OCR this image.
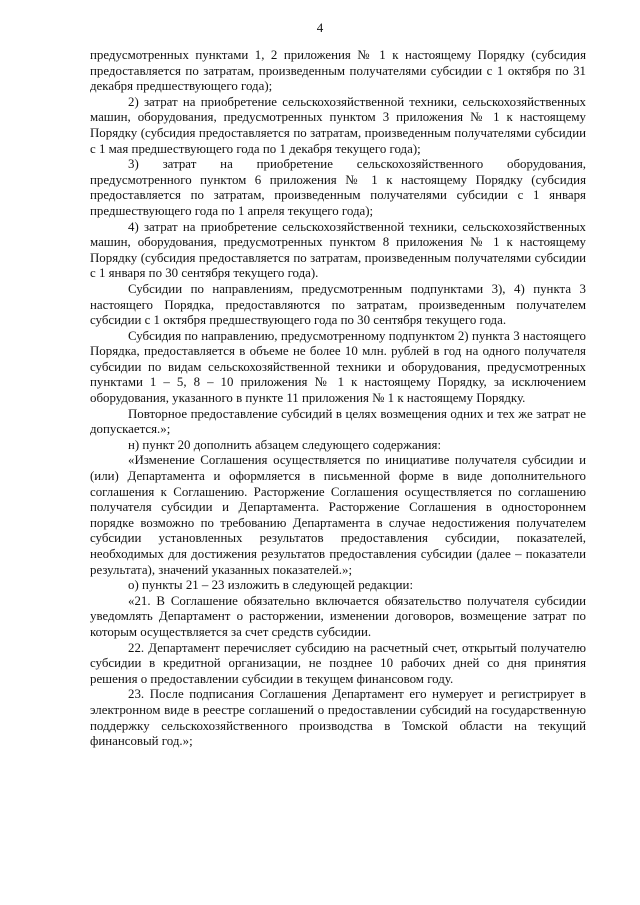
4

предусмотренных пунктами 1, 2 приложения № 1 к настоящему Порядку (субсидия предоставляется по затратам, произведенным получателями субсидии с 1 октября по 31 декабря предшествующего года);

2) затрат на приобретение сельскохозяйственной техники, сельскохозяйственных машин, оборудования, предусмотренных пунктом 3 приложения № 1 к настоящему Порядку (субсидия предоставляется по затратам, произведенным получателями субсидии с 1 мая предшествующего года по 1 декабря текущего года);

3) затрат на приобретение сельскохозяйственного оборудования, предусмотренного пунктом 6 приложения № 1 к настоящему Порядку (субсидия предоставляется по затратам, произведенным получателями субсидии с 1 января предшествующего года по 1 апреля текущего года);

4) затрат на приобретение сельскохозяйственной техники, сельскохозяйственных машин, оборудования, предусмотренных пунктом 8 приложения № 1 к настоящему Порядку (субсидия предоставляется по затратам, произведенным получателями субсидии с 1 января по 30 сентября текущего года).

Субсидии по направлениям, предусмотренным подпунктами 3), 4) пункта 3 настоящего Порядка, предоставляются по затратам, произведенным получателем субсидии с 1 октября предшествующего года по 30 сентября текущего года.

Субсидия по направлению, предусмотренному подпунктом 2) пункта 3 настоящего Порядка, предоставляется в объеме не более 10 млн. рублей в год на одного получателя субсидии по видам сельскохозяйственной техники и оборудования, предусмотренных пунктами 1 – 5, 8 – 10 приложения № 1 к настоящему Порядку, за исключением оборудования, указанного в пункте 11 приложения № 1 к настоящему Порядку.

Повторное предоставление субсидий в целях возмещения одних и тех же затрат не допускается.»;

н) пункт 20 дополнить абзацем следующего содержания:

«Изменение Соглашения осуществляется по инициативе получателя субсидии и (или) Департамента и оформляется в письменной форме в виде дополнительного соглашения к Соглашению. Расторжение Соглашения осуществляется по соглашению получателя субсидии и Департамента. Расторжение Соглашения в одностороннем порядке возможно по требованию Департамента в случае недостижения получателем субсидии установленных результатов предоставления субсидии, показателей, необходимых для достижения результатов предоставления субсидии (далее – показатели результата), значений указанных показателей.»;

о) пункты 21 – 23 изложить в следующей редакции:

«21. В Соглашение обязательно включается обязательство получателя субсидии уведомлять Департамент о расторжении, изменении договоров, возмещение затрат по которым осуществляется за счет средств субсидии.

22. Департамент перечисляет субсидию на расчетный счет, открытый получателю субсидии в кредитной организации, не позднее 10 рабочих дней со дня принятия решения о предоставлении субсидии в текущем финансовом году.

23. После подписания Соглашения Департамент его нумерует и регистрирует в электронном виде в реестре соглашений о предоставлении субсидий на государственную поддержку сельскохозяйственного производства в Томской области на текущий финансовый год.»;
